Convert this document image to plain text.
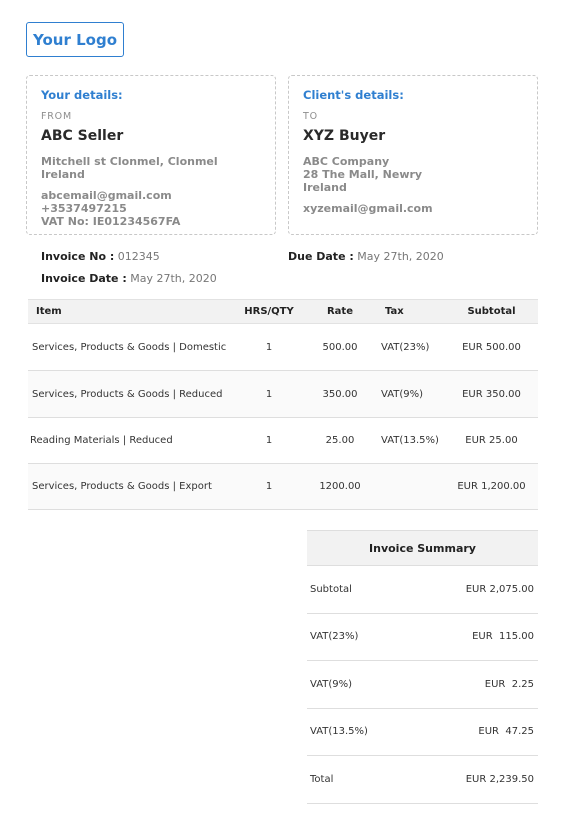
Your Logo
Your details:
FROM
ABC Seller
Mitchell st Clonmel, Clonmel
Ireland
abcemail@gmail.com
+3537497215
VAT No: IE01234567FA
Client's details:
TO
XYZ Buyer
ABC Company
28 The Mall, Newry
Ireland
xyzemail@gmail.com
Invoice No : 012345	Due Date : May 27th, 2020
Invoice Date : May 27th, 2020
Item	HRS/QTY	Rate	Tax	Subtotal
Services, Products & Goods | Domestic	1	500.00	VAT(23%)	EUR 500.00
Services, Products & Goods | Reduced	1	350.00	VAT(9%)	EUR 350.00
Reading Materials | Reduced	1	25.00	VAT(13.5%)	EUR 25.00
Services, Products & Goods | Export	1	1200.00		EUR 1,200.00
Invoice Summary
Subtotal	EUR 2,075.00
VAT(23%)	EUR  115.00
VAT(9%)	EUR  2.25
VAT(13.5%)	EUR  47.25
Total	EUR 2,239.50
